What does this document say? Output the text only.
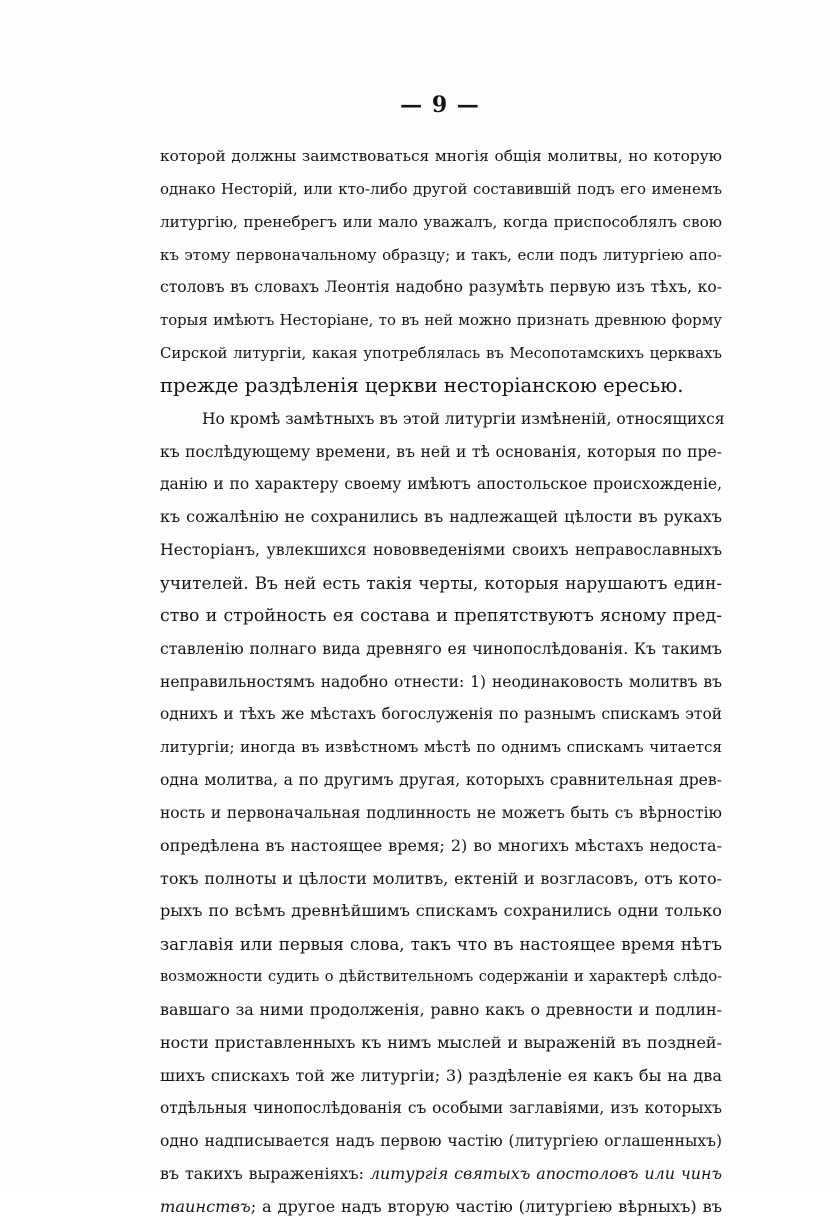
— 9 —
которой должны заимствоваться многія общія молитвы, но которую
однако Несторій, или кто-либо другой составившій подъ его именемъ
литургію, пренебрегъ или мало уважалъ, когда приспособлялъ свою
къ этому первоначальному образцу; и такъ, если подъ литургіею апо-
столовъ въ словахъ Леонтія надобно разумѣть первую изъ тѣхъ, ко-
торыя имѣютъ Несторіане, то въ ней можно признать древнюю форму
Сирской литургіи, какая употреблялась въ Месопотамскихъ церквахъ
прежде раздѣленія церкви несторіанскою ересью.
Но кромѣ замѣтныхъ въ этой литургіи измѣненій, относящихся
къ послѣдующему времени, въ ней и тѣ основанія, которыя по пре-
данію и по характеру своему имѣютъ апостольское происхожденіе,
къ сожалѣнію не сохранились въ надлежащей цѣлости въ рукахъ
Несторіанъ, увлекшихся нововведеніями своихъ неправославныхъ
учителей. Въ ней есть такія черты, которыя нарушаютъ един-
ство и стройность ея состава и препятствуютъ ясному пред-
ставленію полнаго вида древняго ея чинопослѣдованія. Къ такимъ
неправильностямъ надобно отнести: 1) неодинаковость молитвъ въ
однихъ и тѣхъ же мѣстахъ богослуженія по разнымъ спискамъ этой
литургіи; иногда въ извѣстномъ мѣстѣ по однимъ спискамъ читается
одна молитва, а по другимъ другая, которыхъ сравнительная древ-
ность и первоначальная подлинность не можетъ быть съ вѣрностію
опредѣлена въ настоящее время; 2) во многихъ мѣстахъ недоста-
токъ полноты и цѣлости молитвъ, ектеній и возгласовъ, отъ кото-
рыхъ по всѣмъ древнѣйшимъ спискамъ сохранились одни только
заглавія или первыя слова, такъ что въ настоящее время нѣтъ
возможности судить о дѣйствительномъ содержаніи и характерѣ слѣдо-
вавшаго за ними продолженія, равно какъ о древности и подлин-
ности приставленныхъ къ нимъ мыслей и выраженій въ поздней-
шихъ спискахъ той же литургіи; 3) раздѣленіе ея какъ бы на два
отдѣльныя чинопослѣдованія съ особыми заглавіями, изъ которыхъ
одно надписывается надъ первою частію (литургіею оглашенныхъ)
въ такихъ выраженіяхъ: литургія святыхъ апостоловъ или чинъ
таинствъ; а другое надъ вторую частію (литургіею вѣрныхъ) въ
